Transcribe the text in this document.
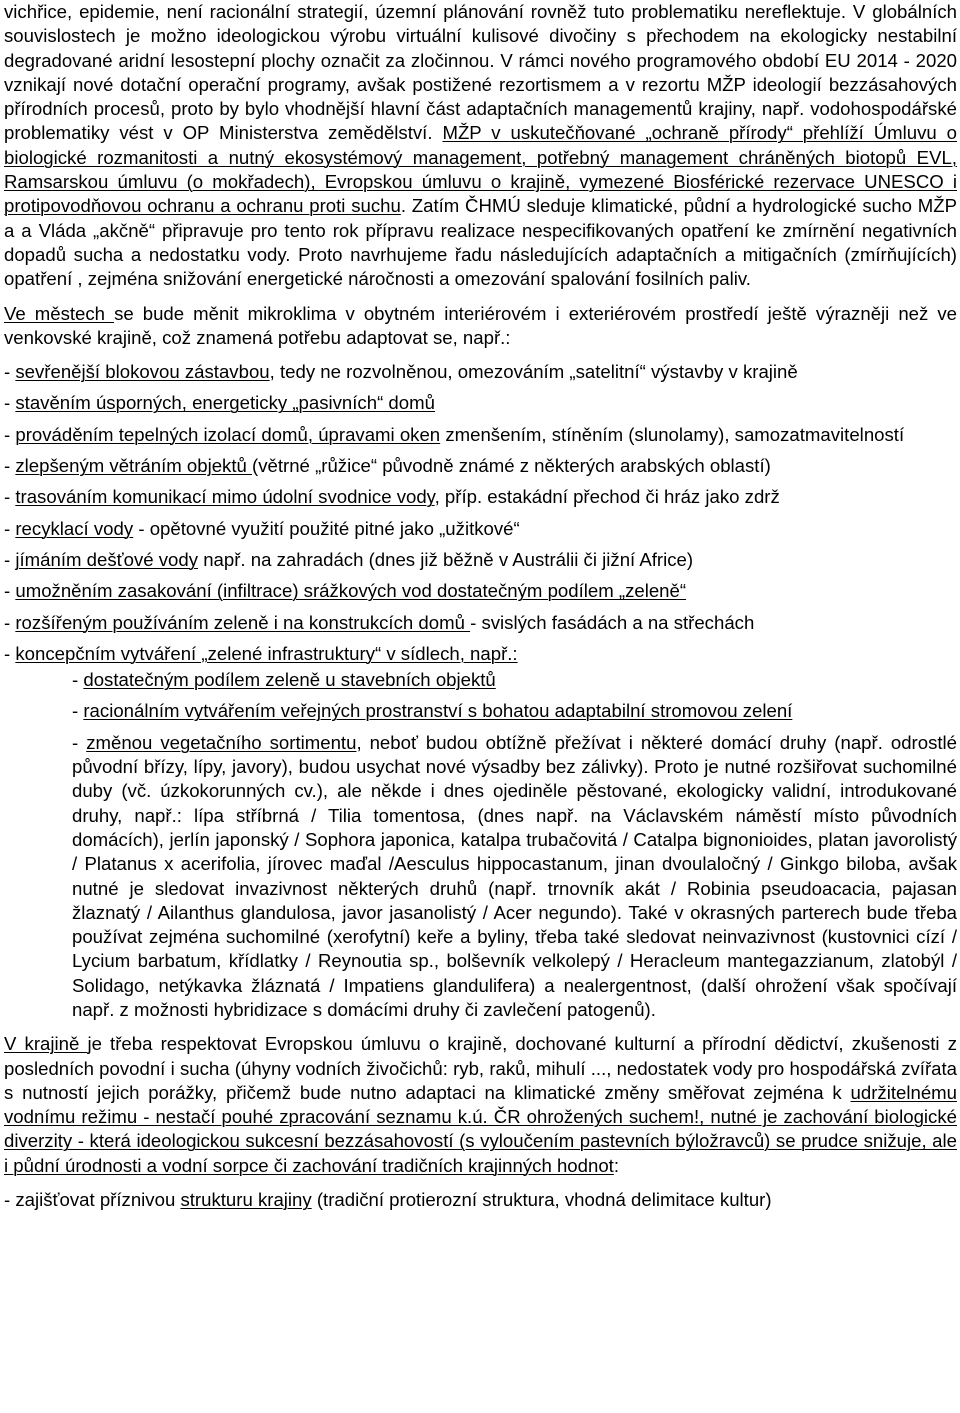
vichřice, epidemie, není racionální strategií, územní plánování rovněž tuto problematiku nereflektuje. V globálních souvislostech je možno ideologickou výrobu virtuální kulisové divočiny s přechodem na ekologicky nestabilní degradované aridní lesostepní plochy označit za zločinnou. V rámci nového programového období EU 2014 - 2020 vznikají nové dotační operační programy, avšak postižené rezortismem a v rezortu MŽP ideologií bezzásahových přírodních procesů, proto by bylo vhodnější hlavní část adaptačních managementů krajiny, např. vodohospodářské problematiky vést v OP Ministerstva zemědělství. MŽP v uskutečňované „ochraně přírody“ přehlíží Úmluvu o biologické rozmanitosti a nutný ekosystémový management, potřebný management chráněných biotopů EVL, Ramsarskou úmluvu (o mokřadech), Evropskou úmluvu o krajině, vymezené Biosférické rezervace UNESCO i protipovodňovou ochranu a ochranu proti suchu. Zatím ČHMÚ sleduje klimatické, půdní a hydrologické sucho MŽP a a Vláda „akčně“ připravuje pro tento rok přípravu realizace nespecifikovaných opatření ke zmírnění negativních dopadů sucha a nedostatku vody. Proto navrhujeme řadu následujících adaptačních a mitigačních (zmírňujících) opatření , zejména snižování energetické náročnosti a omezování spalování fosilních paliv.

Ve městech se bude měnit mikroklima v obytném interiérovém i exteriérovém prostředí ještě výrazněji než ve venkovské krajině, což znamená potřebu adaptovat se, např.:

- sevřenější blokovou zástavbou, tedy ne rozvolněnou, omezováním „satelitní“ výstavby v krajině

- stavěním úsporných, energeticky „pasivních“ domů

- prováděním tepelných izolací domů, úpravami oken zmenšením, stíněním (slunolamy), samozatmavitelností

- zlepšeným větráním objektů (větrné „růžice“ původně známé z některých arabských oblastí)

- trasováním komunikací mimo údolní svodnice vody, příp. estakádní přechod či hráz jako zdrž

- recyklací vody - opětovné využití použité pitné jako „užitkové“

- jímáním dešťové vody např. na zahradách (dnes již běžně v Austrálii či jižní Africe)

- umožněním zasakování (infiltrace) srážkových vod dostatečným podílem „zeleně“

- rozšířeným používáním zeleně i na konstrukcích domů - svislých fasádách a na střechách

- koncepčním vytváření „zelené infrastruktury“ v sídlech, např.:

- dostatečným podílem zeleně u stavebních objektů

- racionálním vytvářením veřejných prostranství s bohatou adaptabilní stromovou zelení

- změnou vegetačního sortimentu, neboť budou obtížně přežívat i některé domácí druhy (např. odrostlé původní břízy, lípy, javory), budou usychat nové výsadby bez zálivky). Proto je nutné rozšiřovat suchomilné duby (vč. úzkokorunných cv.), ale někde i dnes ojediněle pěstované, ekologicky validní, introdukované druhy, např.: lípa stříbrná / Tilia tomentosa, (dnes např. na Václavském náměstí místo původních domácích), jerlín japonský / Sophora japonica, katalpa trubačovitá / Catalpa bignonioides, platan javorolistý / Platanus x acerifolia, jírovec maďal /Aesculus hippocastanum, jinan dvoulaločný / Ginkgo biloba, avšak nutné je sledovat invazivnost některých druhů (např. trnovník akát / Robinia pseudoacacia, pajasan žlaznatý / Ailanthus glandulosa, javor jasanolistý / Acer negundo). Také v okrasných parterech bude třeba používat zejména suchomilné (xerofytní) keře a byliny, třeba také sledovat neinvazivnost (kustovnici cízí / Lycium barbatum, křídlatky / Reynoutia sp., bolševník velkolepý / Heracleum mantegazzianum, zlatobýl / Solidago, netýkavka žláznatá / Impatiens glandulifera) a nealergentnost, (další ohrožení však spočívají např. z možnosti hybridizace s domácími druhy či zavlečení patogenů).

V krajině je třeba respektovat Evropskou úmluvu o krajině, dochované kulturní a přírodní dědictví, zkušenosti z posledních povodní i sucha (úhyny vodních živočichů: ryb, raků, mihulí ..., nedostatek vody pro hospodářská zvířata s nutností jejich porážky, přičemž bude nutno adaptaci na klimatické změny směřovat zejména k udržitelnému vodnímu režimu - nestačí pouhé zpracování seznamu k.ú. ČR ohrožených suchem!, nutné je zachování biologické diverzity - která ideologickou sukcesní bezzásahovostí (s vyloučením pastevních býložravců) se prudce snižuje, ale i půdní úrodnosti a vodní sorpce či zachování tradičních krajinných hodnot:

- zajišťovat příznivou strukturu krajiny (tradiční protierozní struktura, vhodná delimitace kultur)
